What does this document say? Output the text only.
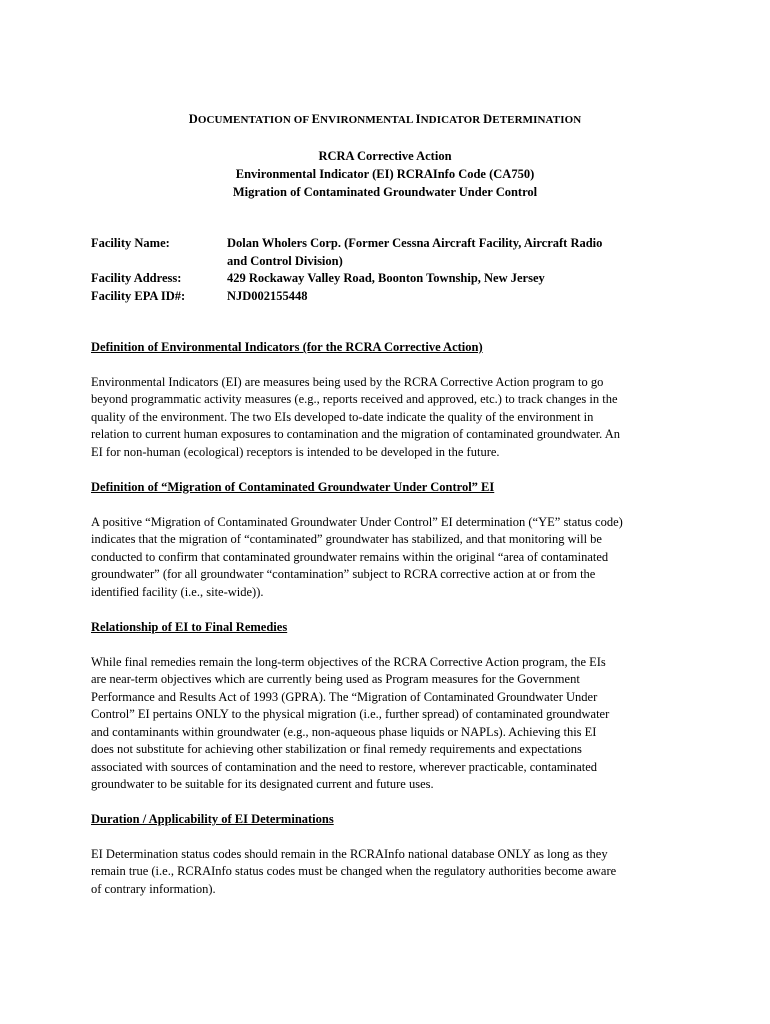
DOCUMENTATION OF ENVIRONMENTAL INDICATOR DETERMINATION
RCRA Corrective Action
Environmental Indicator (EI) RCRAInfo Code (CA750)
Migration of Contaminated Groundwater Under Control
Facility Name:	Dolan Wholers Corp. (Former Cessna Aircraft Facility, Aircraft Radio
and Control Division)
Facility Address:	429 Rockaway Valley Road, Boonton Township, New Jersey
Facility EPA ID#:	NJD002155448
Definition of Environmental Indicators (for the RCRA Corrective Action)

Environmental Indicators (EI) are measures being used by the RCRA Corrective Action program to go
beyond programmatic activity measures (e.g., reports received and approved, etc.) to track changes in the
quality of the environment. The two EIs developed to-date indicate the quality of the environment in
relation to current human exposures to contamination and the migration of contaminated groundwater. An
EI for non-human (ecological) receptors is intended to be developed in the future.

Definition of “Migration of Contaminated Groundwater Under Control” EI

A positive “Migration of Contaminated Groundwater Under Control” EI determination (“YE” status code)
indicates that the migration of “contaminated” groundwater has stabilized, and that monitoring will be
conducted to confirm that contaminated groundwater remains within the original “area of contaminated
groundwater” (for all groundwater “contamination” subject to RCRA corrective action at or from the
identified facility (i.e., site-wide)).

Relationship of EI to Final Remedies

While final remedies remain the long-term objectives of the RCRA Corrective Action program, the EIs
are near-term objectives which are currently being used as Program measures for the Government
Performance and Results Act of 1993 (GPRA). The “Migration of Contaminated Groundwater Under
Control” EI pertains ONLY to the physical migration (i.e., further spread) of contaminated groundwater
and contaminants within groundwater (e.g., non-aqueous phase liquids or NAPLs). Achieving this EI
does not substitute for achieving other stabilization or final remedy requirements and expectations
associated with sources of contamination and the need to restore, wherever practicable, contaminated
groundwater to be suitable for its designated current and future uses.

Duration / Applicability of EI Determinations

EI Determination status codes should remain in the RCRAInfo national database ONLY as long as they
remain true (i.e., RCRAInfo status codes must be changed when the regulatory authorities become aware
of contrary information).
